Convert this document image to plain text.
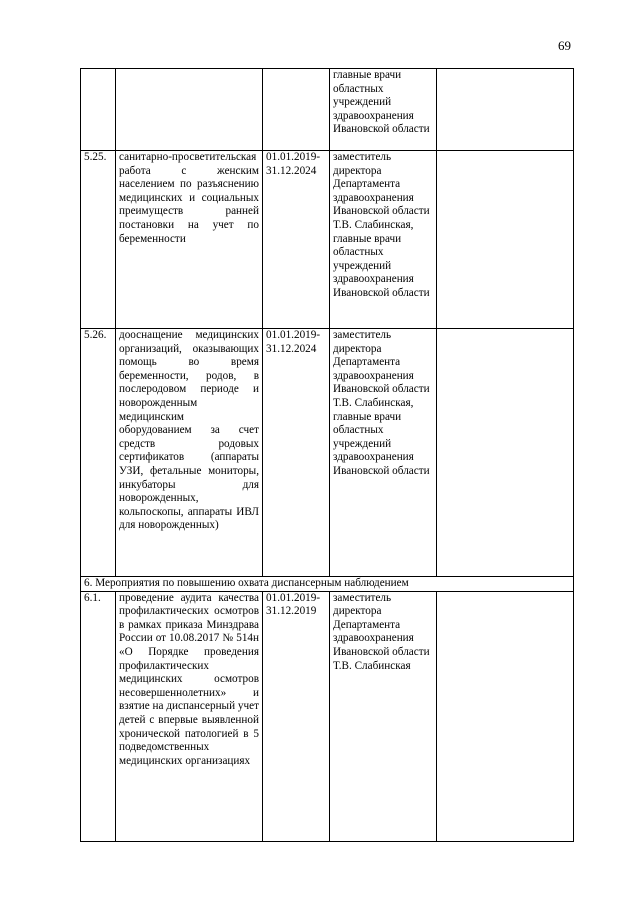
69
			главные врачи областных учреждений здравоохранения Ивановской области	
5.25.	санитарно-просветительская работа с женским населением по разъяснению медицинских и социальных преимуществ ранней постановки на учет по беременности	01.01.2019-31.12.2024	заместитель директора Департамента здравоохранения Ивановской области Т.В. Слабинская, главные врачи областных учреждений здравоохранения Ивановской области	
5.26.	дооснащение медицинских организаций, оказывающих помощь во время беременности, родов, в послеродовом периоде и новорожденным медицинским оборудованием за счет средств родовых сертификатов (аппараты УЗИ, фетальные мониторы, инкубаторы для новорожденных, кольпоскопы, аппараты ИВЛ для новорожденных)	01.01.2019-31.12.2024	заместитель директора Департамента здравоохранения Ивановской области Т.В. Слабинская, главные врачи областных учреждений здравоохранения Ивановской области	
6. Мероприятия по повышению охвата диспансерным наблюдением				
6.1.	проведение аудита качества профилактических осмотров в рамках приказа Минздрава России от 10.08.2017 № 514н «О Порядке проведения профилактических медицинских осмотров несовершеннолетних» и взятие на диспансерный учет детей с впервые выявленной хронической патологией в 5 подведомственных медицинских организациях	01.01.2019-31.12.2019	заместитель директора Департамента здравоохранения Ивановской области Т.В. Слабинская	
